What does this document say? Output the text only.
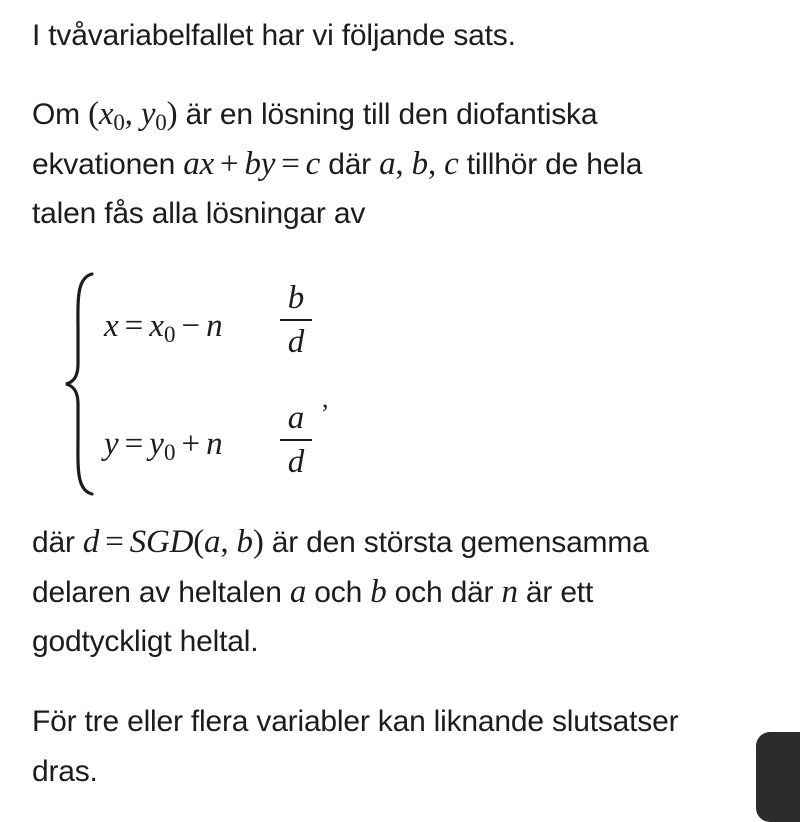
I tvåvariabelfallet har vi följande sats.
Om ($x_0$, $y_0$) är en lösning till den diofantiska
ekvationen ax + by = c där a, b, c tillhör de hela
talen fås alla lösningar av
x = x0 − n
b
d
y = y0 + n
a
d
,
där d = SGD(a, b) är den största gemensamma
delaren av heltalen a och b och där n är ett
godtyckligt heltal.
För tre eller flera variabler kan liknande slutsatser
dras.
